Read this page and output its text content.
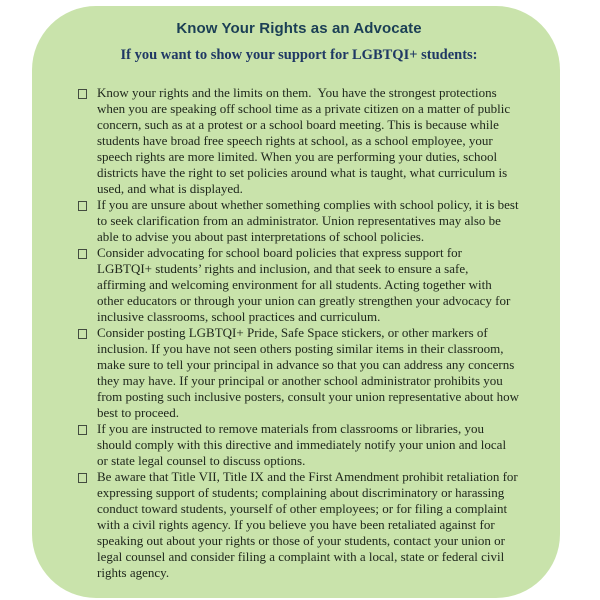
Know Your Rights as an Advocate
If you want to show your support for LGBTQI+ students:
Know your rights and the limits on them.  You have the strongest protections when you are speaking off school time as a private citizen on a matter of public concern, such as at a protest or a school board meeting. This is because while students have broad free speech rights at school, as a school employee, your speech rights are more limited. When you are performing your duties, school districts have the right to set policies around what is taught, what curriculum is used, and what is displayed.
If you are unsure about whether something complies with school policy, it is best to seek clarification from an administrator. Union representatives may also be able to advise you about past interpretations of school policies.
Consider advocating for school board policies that express support for LGBTQI+ students’ rights and inclusion, and that seek to ensure a safe, affirming and welcoming environment for all students. Acting together with other educators or through your union can greatly strengthen your advocacy for inclusive classrooms, school practices and curriculum.
Consider posting LGBTQI+ Pride, Safe Space stickers, or other markers of inclusion. If you have not seen others posting similar items in their classroom, make sure to tell your principal in advance so that you can address any concerns they may have. If your principal or another school administrator prohibits you from posting such inclusive posters, consult your union representative about how best to proceed.
If you are instructed to remove materials from classrooms or libraries, you should comply with this directive and immediately notify your union and local or state legal counsel to discuss options.
Be aware that Title VII, Title IX and the First Amendment prohibit retaliation for expressing support of students; complaining about discriminatory or harassing conduct toward students, yourself of other employees; or for filing a complaint with a civil rights agency. If you believe you have been retaliated against for speaking out about your rights or those of your students, contact your union or legal counsel and consider filing a complaint with a local, state or federal civil rights agency.
